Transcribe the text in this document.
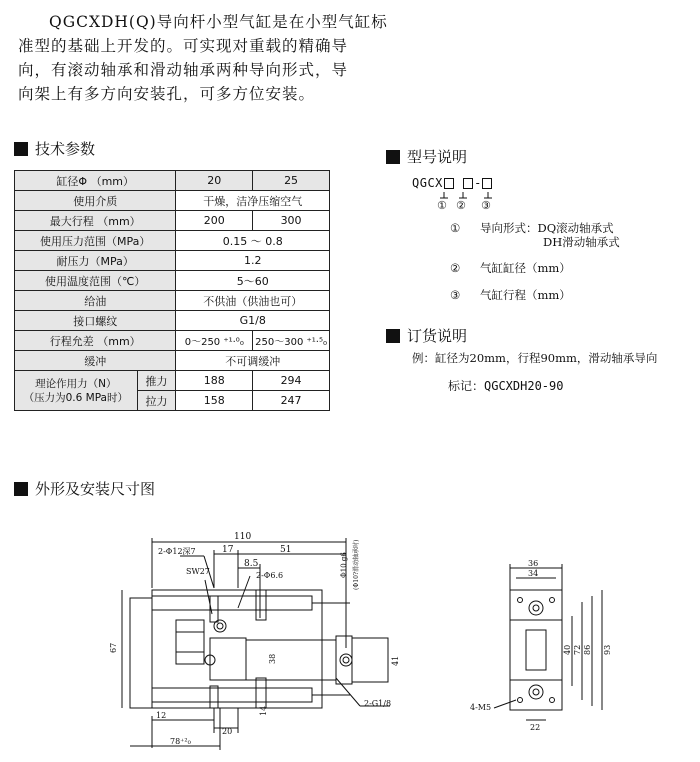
QGCXDH(Q)导向杆小型气缸是在小型气缸标

准型的基础上开发的。可实现对重载的精确导
向，有滚动轴承和滑动轴承两种导向形式，导
向架上有多方向安装孔，可多方位安装。
技术参数
缸径Φ （mm）		20	25
使用介质		干燥，洁净压缩空气	
最大行程 （mm）		200	300
使用压力范围（MPa）		0.15 ～ 0.8	
耐压力（MPa）		1.2	
使用温度范围（℃）		5～60	
给油		不供油（供油也可）	
接口螺纹		G1/8	
行程允差 （mm）		0～250 ⁺¹·⁰₀	250～300 ⁺¹·⁵₀
缓冲		不可调缓冲	

理论作用力（N）
（压力为0.6 MPa时）	推力	188	294
	拉力	158	247
型号说明
QGCX	-
① ② ③
① 导向形式：DQ滚动轴承式
DH滑动轴承式
② 气缸缸径（mm）
③ 气缸行程（mm）
订货说明
例：缸径为20mm，行程90mm，滑动轴承导向
标记：QGCXDH20-90
外形及安装尺寸图
110
17	51
8.5
2-Φ12深7
SW27	2-Φ6.6
67
38	41
Φ10 g6 (Φ10?滑动轴承时)
2-G1/8
12
20
14
78⁺²₀
36
34
40 72 86 93
22
4-M5
